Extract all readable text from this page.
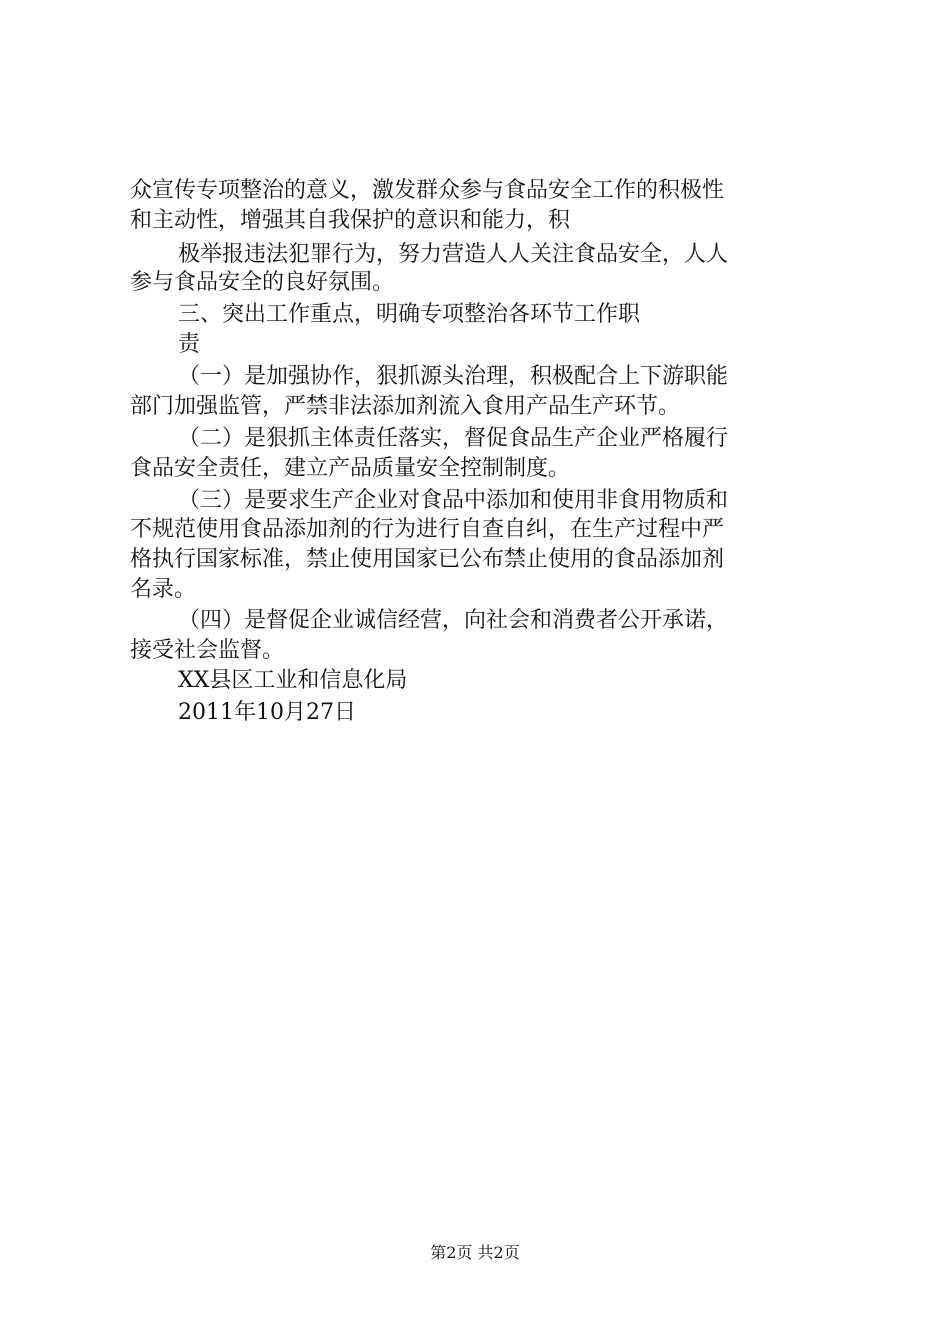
众宣传专项整治的意义，激发群众参与食品安全工作的积极性
和主动性，增强其自我保护的意识和能力，积
极举报违法犯罪行为，努力营造人人关注食品安全，人人
参与食品安全的良好氛围。
三、突出工作重点，明确专项整治各环节工作职
责
（一）是加强协作，狠抓源头治理，积极配合上下游职能
部门加强监管，严禁非法添加剂流入食用产品生产环节。
（二）是狠抓主体责任落实，督促食品生产企业严格履行
食品安全责任，建立产品质量安全控制制度。
（三）是要求生产企业对食品中添加和使用非食用物质和
不规范使用食品添加剂的行为进行自查自纠，在生产过程中严
格执行国家标准，禁止使用国家已公布禁止使用的食品添加剂
名录。
（四）是督促企业诚信经营，向社会和消费者公开承诺，
接受社会监督。
XX县区工业和信息化局
2011年10月27日
第2页 共2页
